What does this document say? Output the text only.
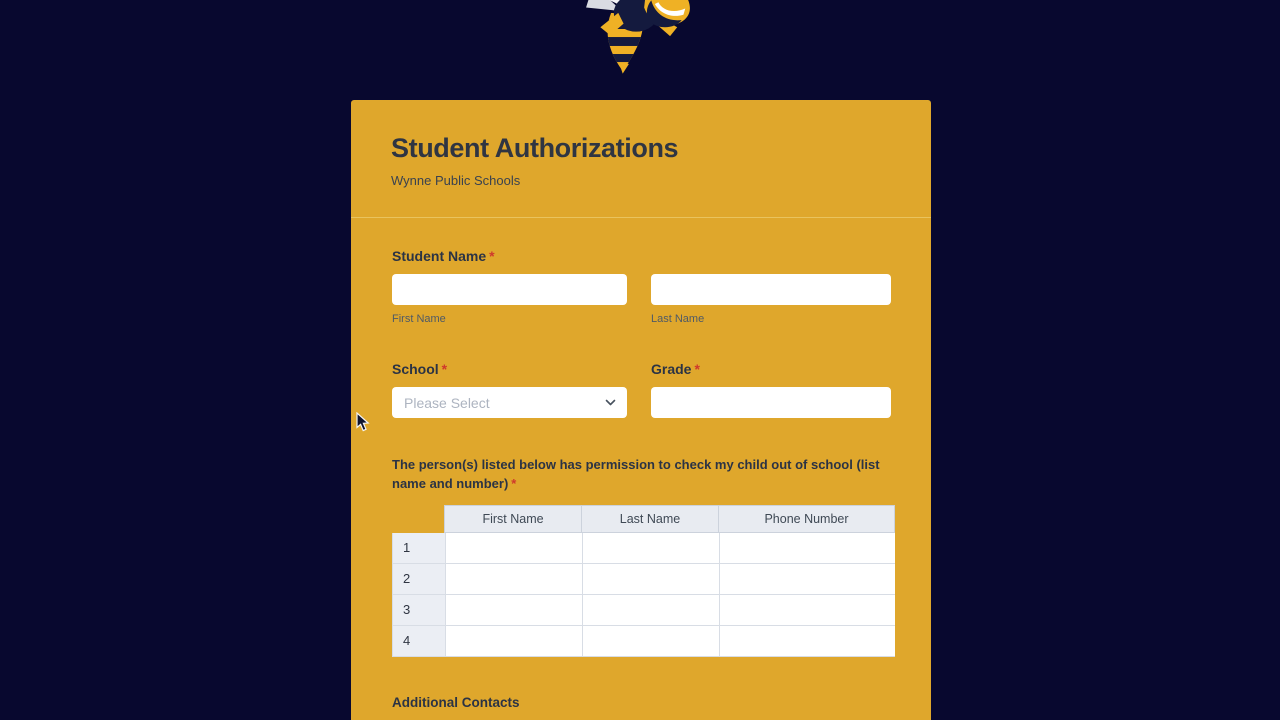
Student Authorizations
Wynne Public Schools
Student Name *
First Name	Last Name
School *	Grade *
Please Select
The person(s) listed below has permission to check my child out of school (list name and number) *
First Name	Last Name	Phone Number
1
2
3
4
Additional Contacts
